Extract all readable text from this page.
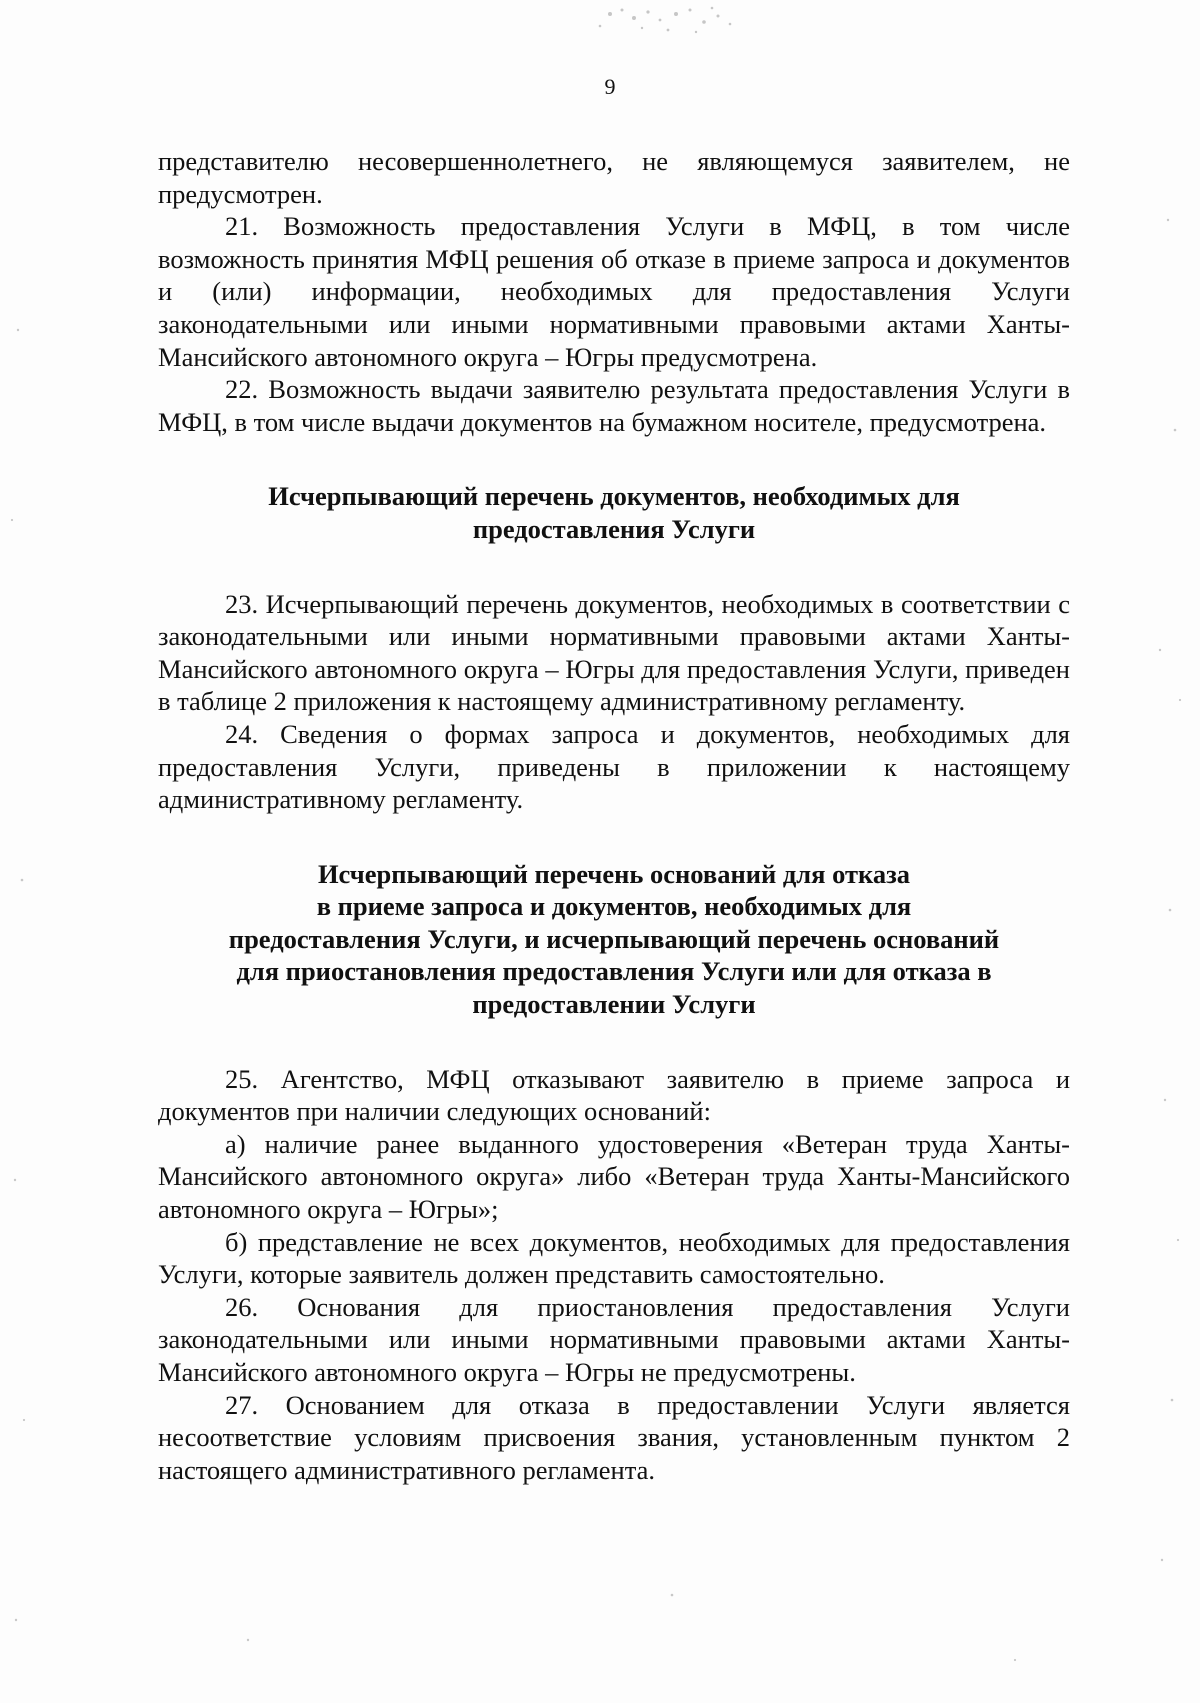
9

представителю несовершеннолетнего, не являющемуся заявителем, не предусмотрен.

21. Возможность предоставления Услуги в МФЦ, в том числе возможность принятия МФЦ решения об отказе в приеме запроса и документов и (или) информации, необходимых для предоставления Услуги законодательными или иными нормативными правовыми актами Ханты-Мансийского автономного округа – Югры предусмотрена.

22. Возможность выдачи заявителю результата предоставления Услуги в МФЦ, в том числе выдачи документов на бумажном носителе, предусмотрена.

Исчерпывающий перечень документов, необходимых для
предоставления Услуги

23. Исчерпывающий перечень документов, необходимых в соответствии с законодательными или иными нормативными правовыми актами Ханты-Мансийского автономного округа – Югры для предоставления Услуги, приведен в таблице 2 приложения к настоящему административному регламенту.

24. Сведения о формах запроса и документов, необходимых для предоставления Услуги, приведены в приложении к настоящему административному регламенту.

Исчерпывающий перечень оснований для отказа
в приеме запроса и документов, необходимых для
предоставления Услуги, и исчерпывающий перечень оснований
для приостановления предоставления Услуги или для отказа в
предоставлении Услуги

25. Агентство, МФЦ отказывают заявителю в приеме запроса и документов при наличии следующих оснований:

а) наличие ранее выданного удостоверения «Ветеран труда Ханты-Мансийского автономного округа» либо «Ветеран труда Ханты-Мансийского автономного округа – Югры»;

б) представление не всех документов, необходимых для предоставления Услуги, которые заявитель должен представить самостоятельно.

26. Основания для приостановления предоставления Услуги законодательными или иными нормативными правовыми актами Ханты-Мансийского автономного округа – Югры не предусмотрены.

27. Основанием для отказа в предоставлении Услуги является несоответствие условиям присвоения звания, установленным пунктом 2 настоящего административного регламента.
